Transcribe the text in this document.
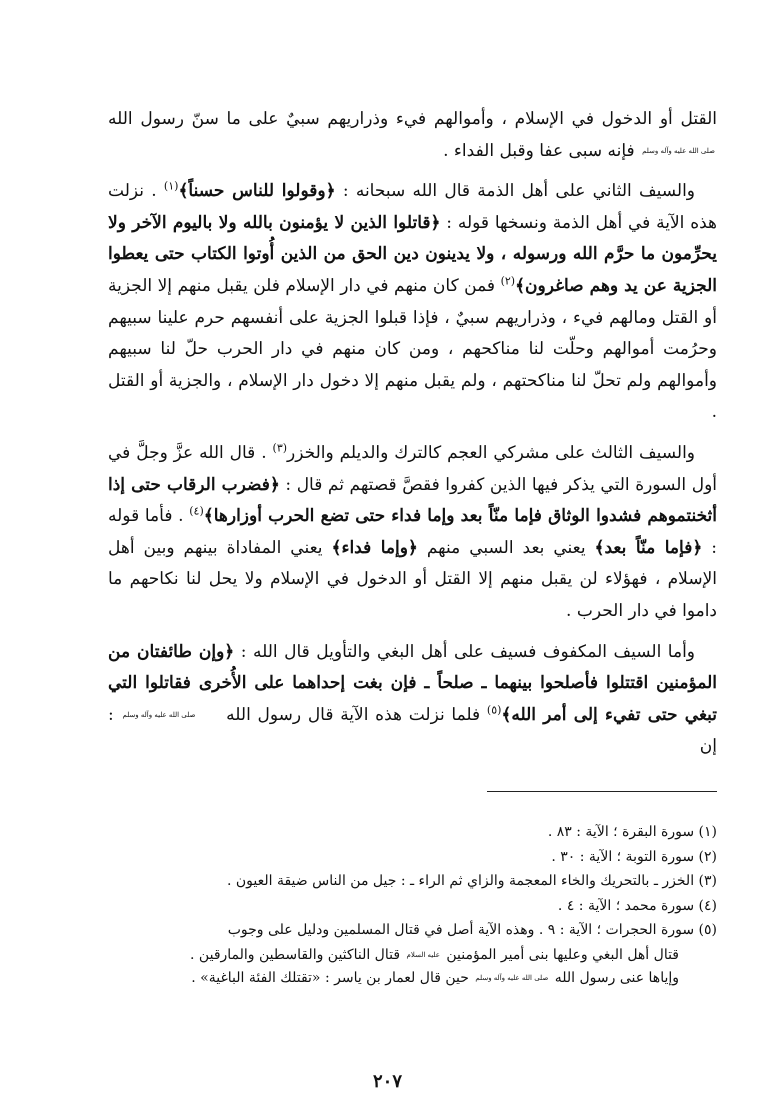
القتل أو الدخول في الإسلام ، وأموالهم فيء وذراريهم سبيٌ على ما سنّ رسول الله صلى الله عليه وآله وسلم فإنه سبى عفا وقبل الفداء .

والسيف الثاني على أهل الذمة قال الله سبحانه : ﴿وقولوا للناس حسناً﴾$^{(١)}$ . نزلت هذه الآية في أهل الذمة ونسخها قوله : ﴿قاتلوا الذين لا يؤمنون بالله ولا باليوم الآخر ولا يحرِّمون ما حرَّم الله ورسوله ، ولا يدينون دين الحق من الذين أُوتوا الكتاب حتى يعطوا الجزية عن يد وهم صاغرون﴾$^{(٢)}$ فمن كان منهم في دار الإسلام فلن يقبل منهم إلا الجزية أو القتل ومالهم فيء ، وذراريهم سبيٌ ، فإذا قبلوا الجزية على أنفسهم حرم علينا سبيهم وحرُمت أموالهم وحلّت لنا مناكحهم ، ومن كان منهم في دار الحرب حلّ لنا سبيهم وأموالهم ولم تحلّ لنا مناكحتهم ، ولم يقبل منهم إلا دخول دار الإسلام ، والجزية أو القتل .

والسيف الثالث على مشركي العجم كالترك والديلم والخزر$^{(٣)}$ . قال الله عزَّ وجلَّ في أول السورة التي يذكر فيها الذين كفروا فقصَّ قصتهم ثم قال : ﴿فضرب الرقاب حتى إذا أثخنتموهم فشدوا الوثاق فإما منّاً بعد وإما فداء حتى تضع الحرب أوزارها﴾$^{(٤)}$ . فأما قوله : ﴿فإما منّاً بعد﴾ يعني بعد السبي منهم ﴿وإما فداء﴾ يعني المفاداة بينهم وبين أهل الإسلام ، فهؤلاء لن يقبل منهم إلا القتل أو الدخول في الإسلام ولا يحل لنا نكاحهم ما داموا في دار الحرب .

وأما السيف المكفوف فسيف على أهل البغي والتأويل قال الله : ﴿وإن طائفتان من المؤمنين اقتتلوا فأصلحوا بينهما ـ صلحاً ـ فإن بغت إحداهما على الأُخرى فقاتلوا التي تبغي حتى تفيء إلى أمر الله﴾$^{(٥)}$ فلما نزلت هذه الآية قال رسول الله صلى الله عليه وآله وسلم : إن

(١) سورة البقرة ؛ الآية : ٨٣ .
(٢) سورة التوبة ؛ الآية : ٣٠ .
(٣) الخزر ـ بالتحريك والخاء المعجمة والزاي ثم الراء ـ : جيل من الناس ضيقة العيون .
(٤) سورة محمد ؛ الآية : ٤ .
(٥) سورة الحجرات ؛ الآية : ٩ . وهذه الآية أصل في قتال المسلمين ودليل على وجوب
قتال أهل البغي وعليها بنى أمير المؤمنين عليه السلام قتال الناكثين والقاسطين والمارقين .
وإياها عنى رسول الله صلى الله عليه وآله وسلم حين قال لعمار بن ياسر : «تقتلك الفئة الباغية» .
٢٠٧
